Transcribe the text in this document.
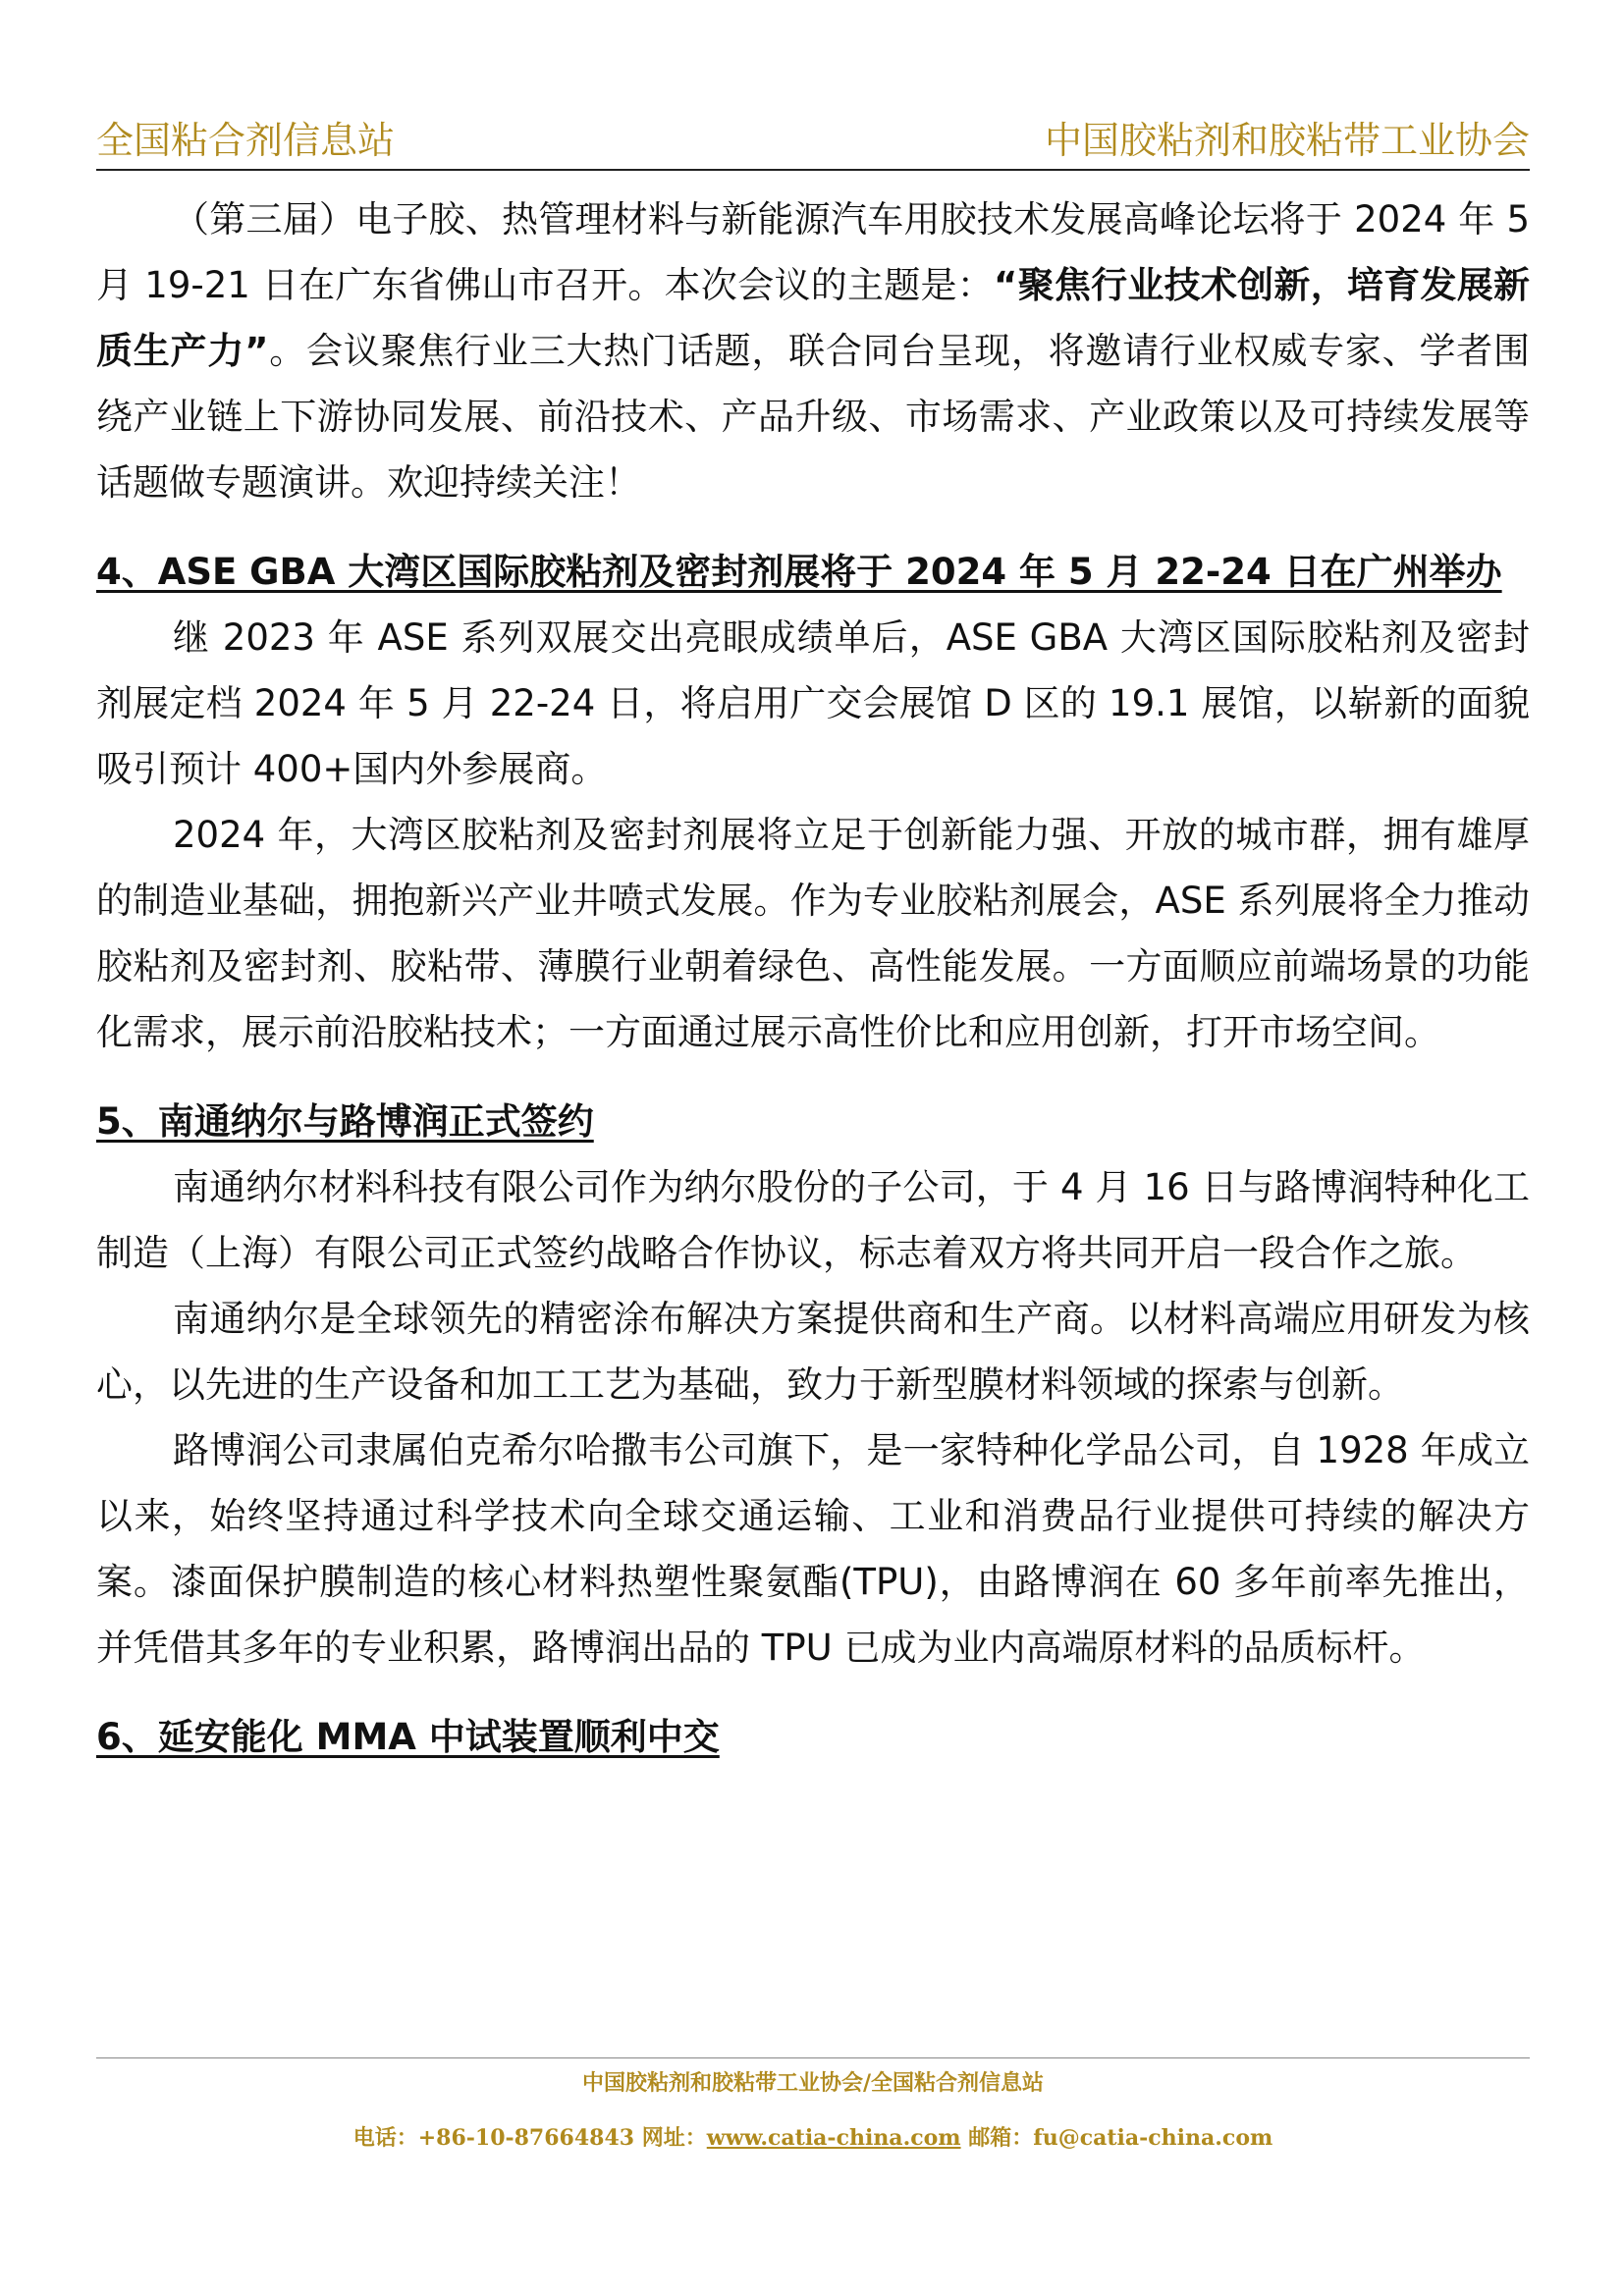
全国粘合剂信息站	中国胶粘剂和胶粘带工业协会

（第三届）电子胶、热管理材料与新能源汽车用胶技术发展高峰论坛将于 2024 年 5 月 19-21 日在广东省佛山市召开。本次会议的主题是：“聚焦行业技术创新，培育发展新质生产力”。会议聚焦行业三大热门话题，联合同台呈现，将邀请行业权威专家、学者围绕产业链上下游协同发展、前沿技术、产品升级、市场需求、产业政策以及可持续发展等话题做专题演讲。欢迎持续关注！

4、ASE GBA 大湾区国际胶粘剂及密封剂展将于 2024 年 5 月 22-24 日在广州举办

继 2023 年 ASE 系列双展交出亮眼成绩单后，ASE GBA 大湾区国际胶粘剂及密封剂展定档 2024 年 5 月 22-24 日，将启用广交会展馆 D 区的 19.1 展馆，以崭新的面貌吸引预计 400+国内外参展商。

2024 年，大湾区胶粘剂及密封剂展将立足于创新能力强、开放的城市群，拥有雄厚的制造业基础，拥抱新兴产业井喷式发展。作为专业胶粘剂展会，ASE 系列展将全力推动胶粘剂及密封剂、胶粘带、薄膜行业朝着绿色、高性能发展。一方面顺应前端场景的功能化需求，展示前沿胶粘技术；一方面通过展示高性价比和应用创新，打开市场空间。

5、南通纳尔与路博润正式签约

南通纳尔材料科技有限公司作为纳尔股份的子公司，于 4 月 16 日与路博润特种化工制造（上海）有限公司正式签约战略合作协议，标志着双方将共同开启一段合作之旅。

南通纳尔是全球领先的精密涂布解决方案提供商和生产商。以材料高端应用研发为核心，以先进的生产设备和加工工艺为基础，致力于新型膜材料领域的探索与创新。

路博润公司隶属伯克希尔哈撒韦公司旗下，是一家特种化学品公司，自 1928 年成立以来，始终坚持通过科学技术向全球交通运输、工业和消费品行业提供可持续的解决方案。漆面保护膜制造的核心材料热塑性聚氨酯(TPU)，由路博润在 60 多年前率先推出，并凭借其多年的专业积累，路博润出品的 TPU 已成为业内高端原材料的品质标杆。

6、延安能化 MMA 中试装置顺利中交
中国胶粘剂和胶粘带工业协会/全国粘合剂信息站
电话：+86-10-87664843 网址：www.catia-china.com 邮箱：fu@catia-china.com
